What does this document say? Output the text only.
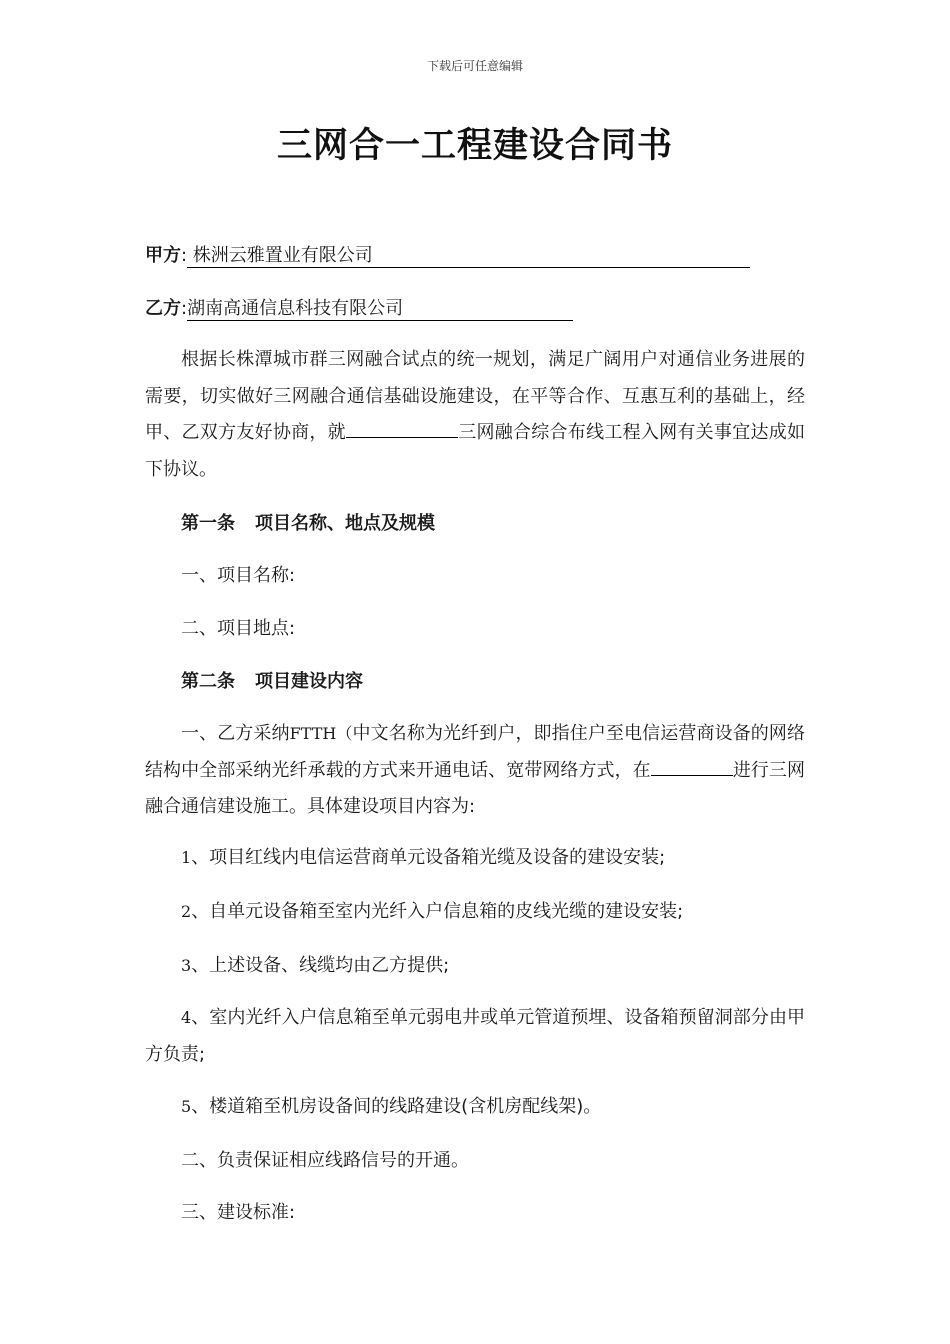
下载后可任意编辑
三网合一工程建设合同书
甲方: 株洲云雅置业有限公司
乙方:湖南高通信息科技有限公司

根据长株潭城市群三网融合试点的统一规划，满足广阔用户对通信业务进展的需要，切实做好三网融合通信基础设施建设，在平等合作、互惠互利的基础上，经甲、乙双方友好协商，就	三网融合综合布线工程入网有关事宜达成如下协议。

第一条 项目名称、地点及规模
一、项目名称:
二、项目地点:
第二条 项目建设内容

一、乙方采纳FTTH（中文名称为光纤到户，即指住户至电信运营商设备的网络结构中全部采纳光纤承载的方式来开通电话、宽带网络方式，在	进行三网融合通信建设施工。具体建设项目内容为:

1、项目红线内电信运营商单元设备箱光缆及设备的建设安装;
2、自单元设备箱至室内光纤入户信息箱的皮线光缆的建设安装;
3、上述设备、线缆均由乙方提供;

4、室内光纤入户信息箱至单元弱电井或单元管道预埋、设备箱预留洞部分由甲方负责;

5、楼道箱至机房设备间的线路建设(含机房配线架)。
二、负责保证相应线路信号的开通。
三、建设标准:
